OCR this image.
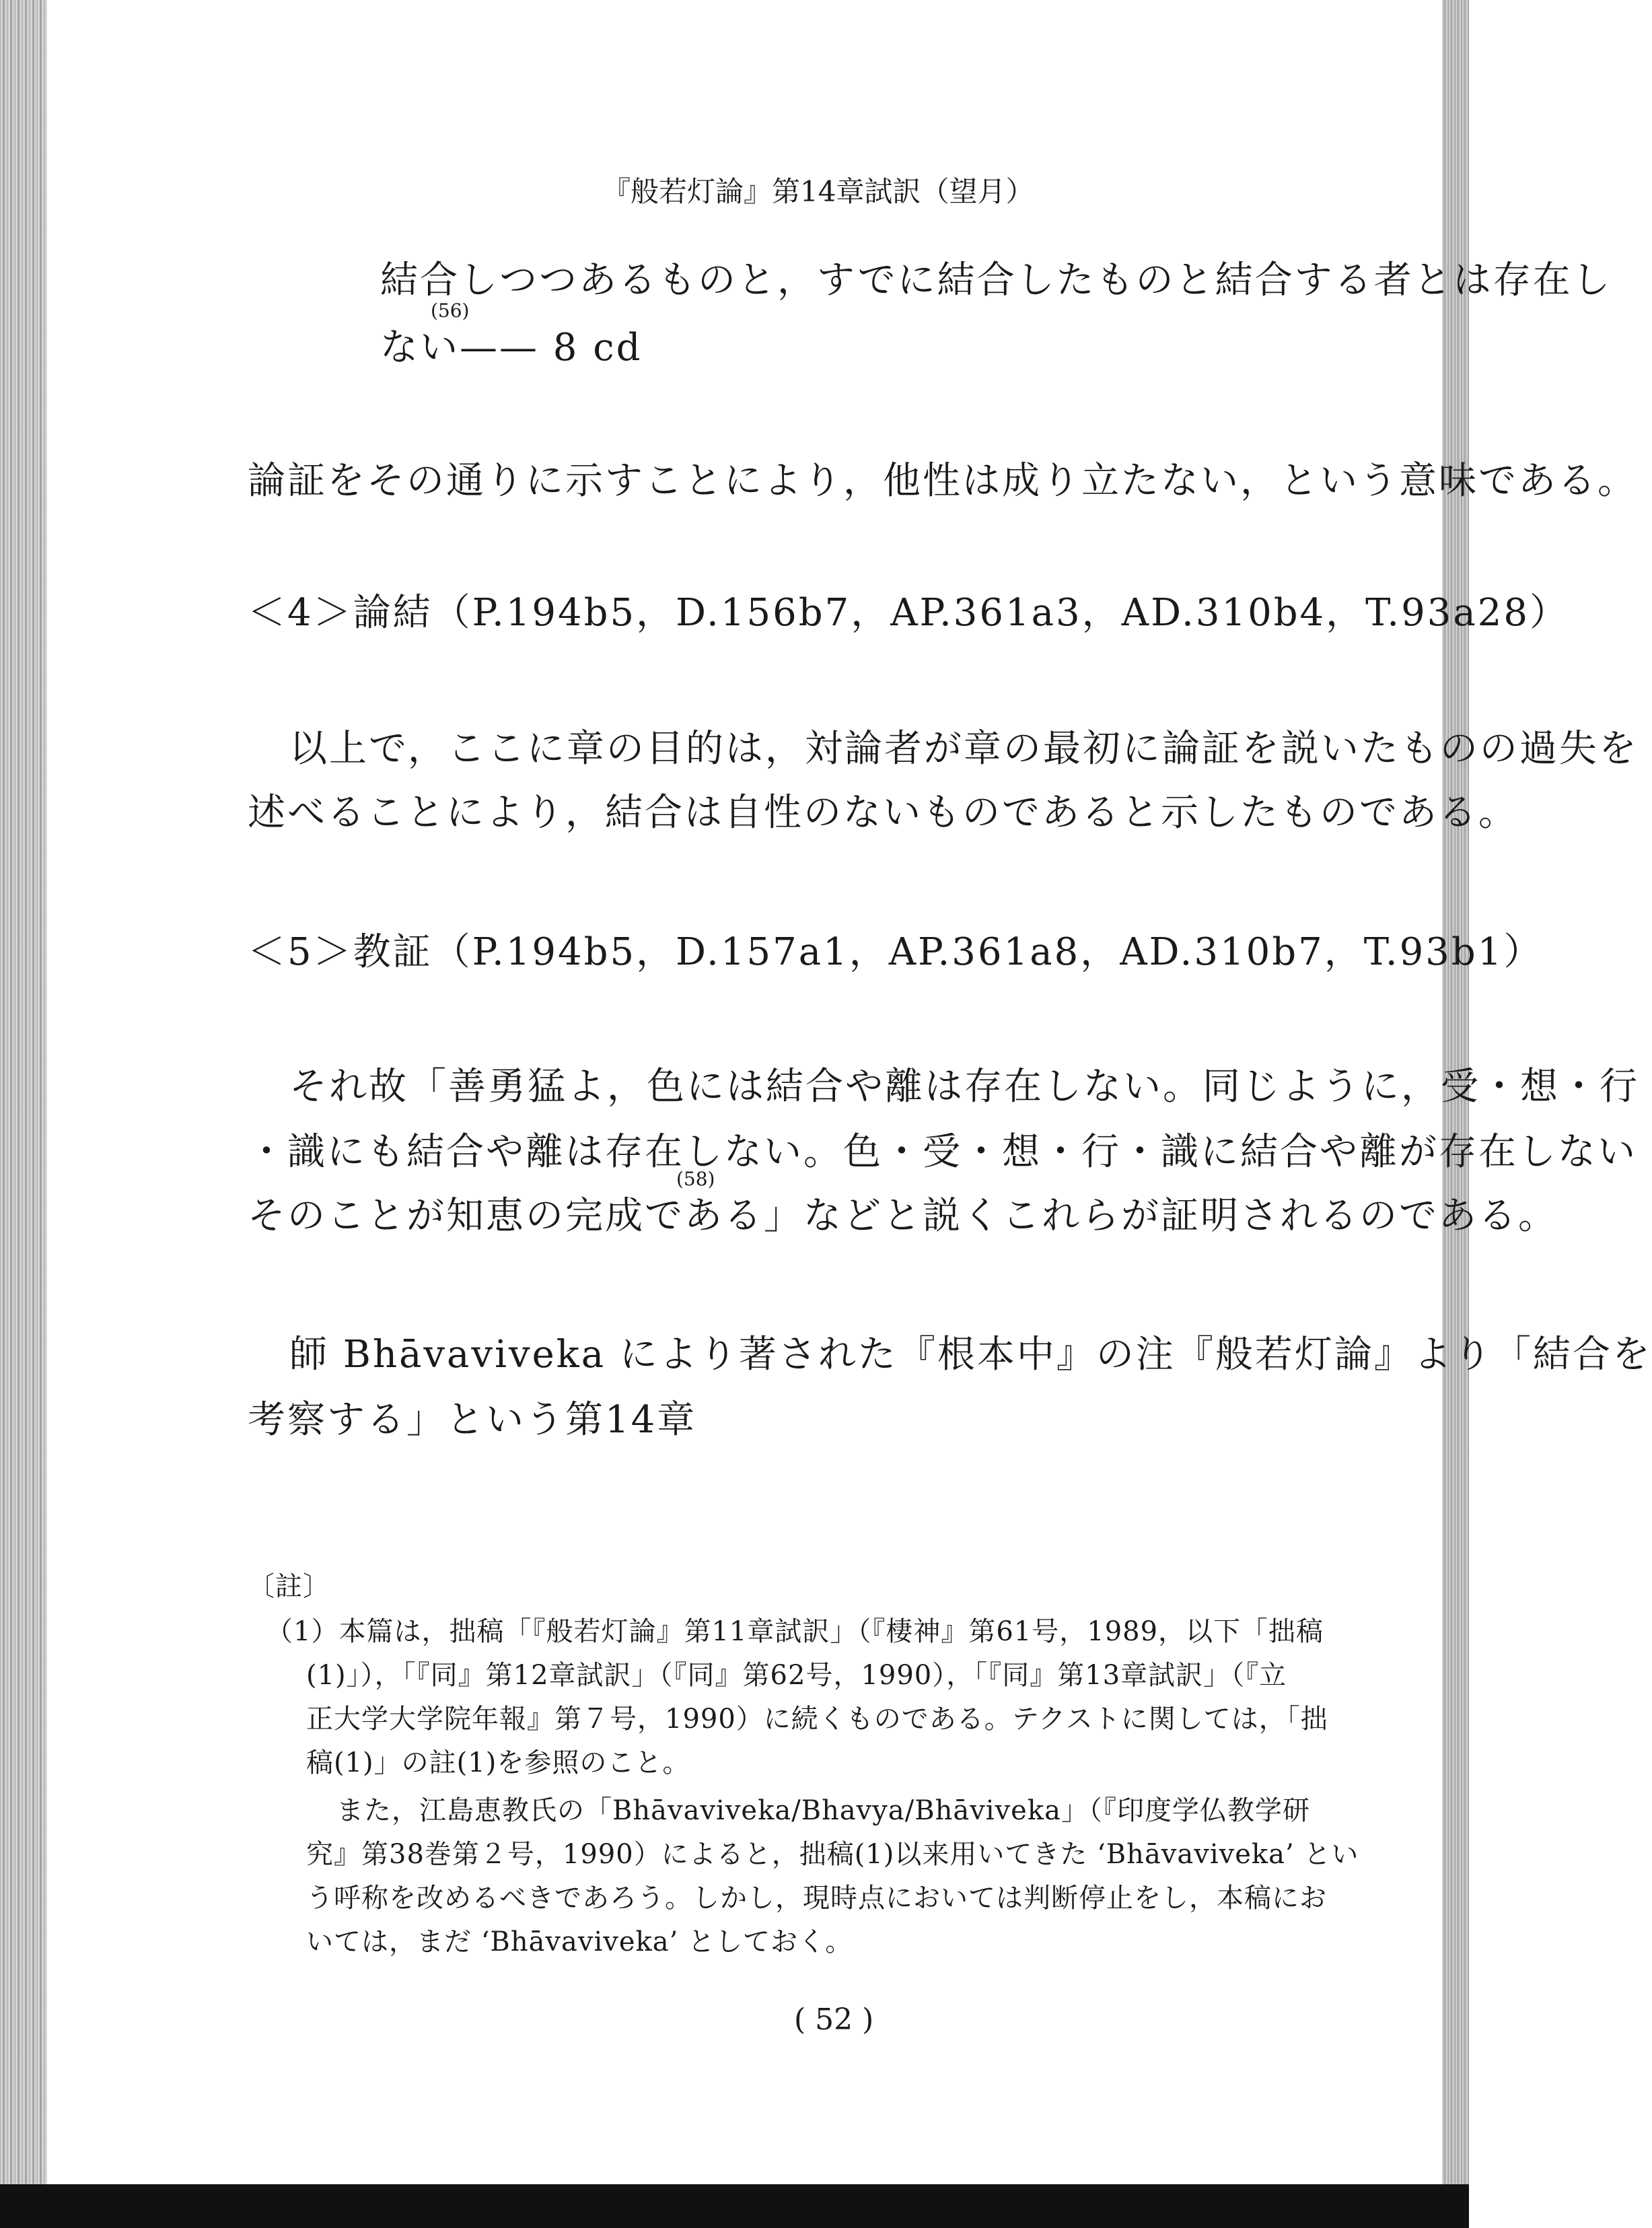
『般若灯論』第14章試訳（望月）
結合しつつあるものと，すでに結合したものと結合する者とは存在し
ない—— 8 cd
(56)
論証をその通りに示すことにより，他性は成り立たない，という意味である。
＜4＞論結（P.194b5，D.156b7，AP.361a3，AD.310b4，T.93a28）
以上で，ここに章の目的は，対論者が章の最初に論証を説いたものの過失を
述べることにより，結合は自性のないものであると示したものである。
＜5＞教証（P.194b5，D.157a1，AP.361a8，AD.310b7，T.93b1）
それ故「善勇猛よ，色には結合や離は存在しない。同じように，受・想・行
・識にも結合や離は存在しない。色・受・想・行・識に結合や離が存在しない
そのことが知恵の完成である」などと説くこれらが証明されるのである。
(58)
師 Bhāvaviveka により著された『根本中』の注『般若灯論』より「結合を
考察する」という第14章
〔註〕
（1）本篇は，拙稿「『般若灯論』第11章試訳」（『棲神』第61号，1989，以下「拙稿
(1)」），「『同』第12章試訳」（『同』第62号，1990），「『同』第13章試訳」（『立
正大学大学院年報』第７号，1990）に続くものである。テクストに関しては，「拙
稿(1)」の註(1)を参照のこと。
また，江島恵教氏の「Bhāvaviveka/Bhavya/Bhāviveka」（『印度学仏教学研
究』第38巻第２号，1990）によると，拙稿(1)以来用いてきた ‘Bhāvaviveka’ とい
う呼称を改めるべきであろう。しかし，現時点においては判断停止をし，本稿にお
いては，まだ ‘Bhāvaviveka’ としておく。
( 52 )
